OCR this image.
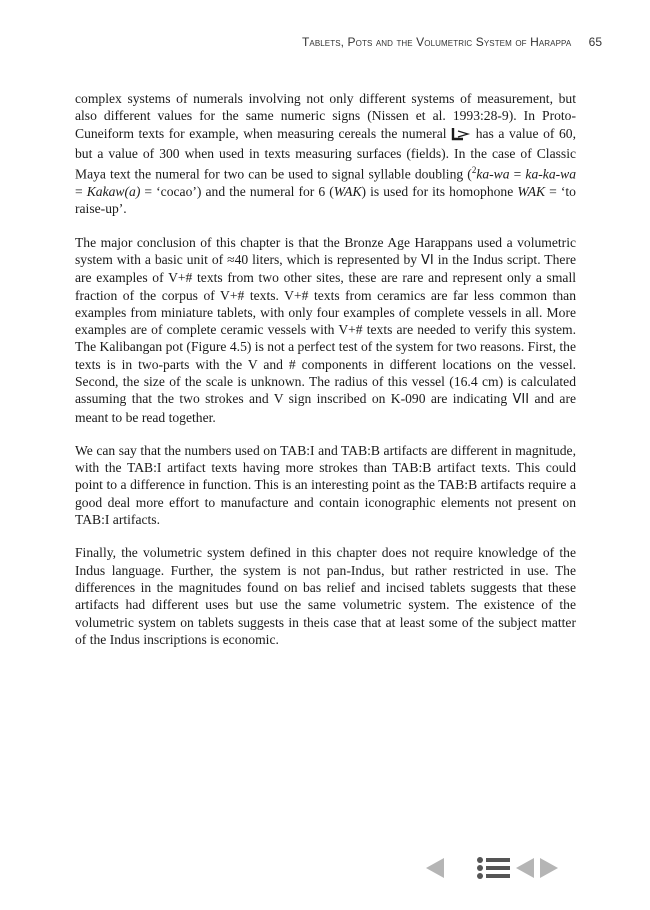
Tablets, Pots and the Volumetric System of Harappa 65

complex systems of numerals involving not only different systems of measurement, but also different values for the same numeric signs (Nissen et al. 1993:28-9). In Proto-Cuneiform texts for example, when measuring cereals the numeral has a value of 60, but a value of 300 when used in texts measuring surfaces (fields). In the case of Classic Maya text the numeral for two can be used to signal syllable doubling ($^2$ka-wa = ka-ka-wa = Kakaw(a) = ‘cocao’) and the numeral for 6 (WAK) is used for its homophone WAK = ‘to raise-up’.

The major conclusion of this chapter is that the Bronze Age Harappans used a volumetric system with a basic unit of ≈40 liters, which is represented by VI in the Indus script. There are examples of V+# texts from two other sites, these are rare and represent only a small fraction of the corpus of V+# texts. V+# texts from ceramics are far less common than examples from miniature tablets, with only four examples of complete vessels in all. More examples are of complete ceramic vessels with V+# texts are needed to verify this system. The Kalibangan pot (Figure 4.5) is not a perfect test of the system for two reasons. First, the texts is in two-parts with the V and # components in different locations on the vessel. Second, the size of the scale is unknown. The radius of this vessel (16.4 cm) is calculated assuming that the two strokes and V sign inscribed on K-090 are indicating VII and are meant to be read together.

We can say that the numbers used on TAB:I and TAB:B artifacts are different in magnitude, with the TAB:I artifact texts having more strokes than TAB:B artifact texts. This could point to a difference in function. This is an interesting point as the TAB:B artifacts require a good deal more effort to manufacture and contain iconographic elements not present on TAB:I artifacts.

Finally, the volumetric system defined in this chapter does not require knowledge of the Indus language. Further, the system is not pan-Indus, but rather restricted in use. The differences in the magnitudes found on bas relief and incised tablets suggests that these artifacts had different uses but use the same volumetric system. The existence of the volumetric system on tablets suggests in theis case that at least some of the subject matter of the Indus inscriptions is economic.
